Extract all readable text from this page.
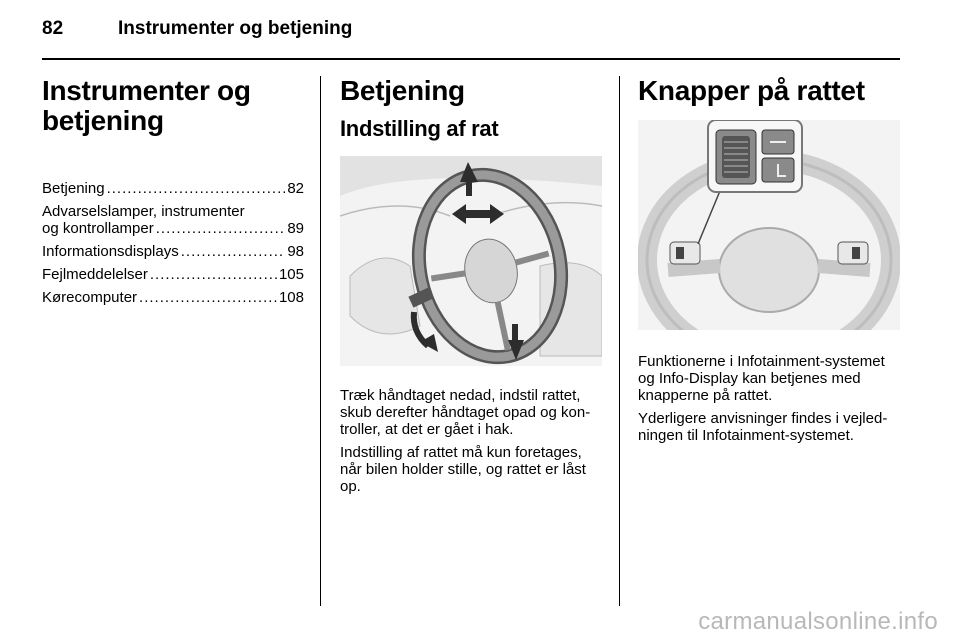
82	Instrumenter og betjening
Instrumenter og
betjening
Betjening .....	82
Advarselslamper, instrumenter
og kontrollamper .....	89
Informationsdisplays .....	98
Fejlmeddelelser .....	105
Kørecomputer .....	108
Betjening
Indstilling af rat

Træk håndtaget nedad, indstil rattet, skub derefter håndtaget opad og kontroller, at det er gået i hak.

Indstilling af rattet må kun foretages, når bilen holder stille, og rattet er låst op.

Knapper på rattet

Funktionerne i Infotainment-systemet og Info-Display kan betjenes med knapperne på rattet.

Yderligere anvisninger findes i vejledningen til Infotainment-systemet.

carmanualsonline.info
